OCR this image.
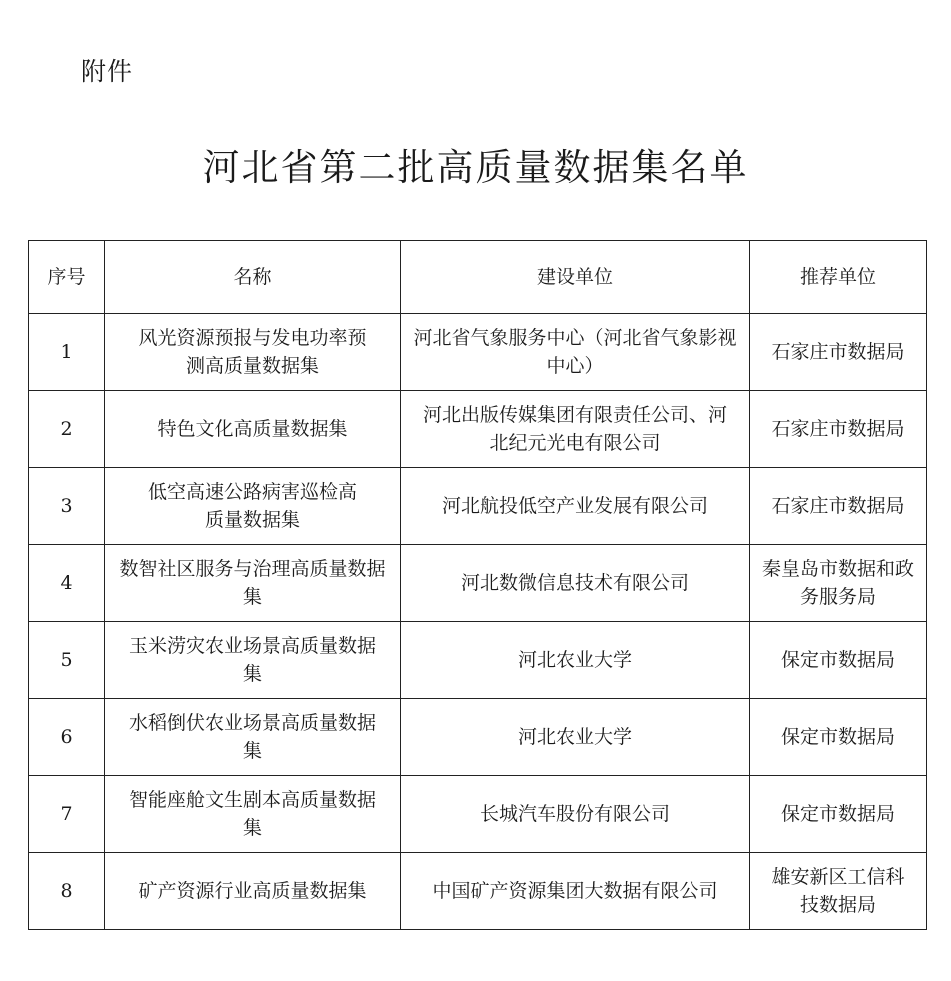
附件
河北省第二批高质量数据集名单
序号	名称	建设单位	推荐单位
1	风光资源预报与发电功率预测高质量数据集	河北省气象服务中心（河北省气象影视中心）	石家庄市数据局
2	特色文化高质量数据集	河北出版传媒集团有限责任公司、河北纪元光电有限公司	石家庄市数据局
3	低空高速公路病害巡检高质量数据集	河北航投低空产业发展有限公司	石家庄市数据局
4	数智社区服务与治理高质量数据集	河北数微信息技术有限公司	秦皇岛市数据和政务服务局
5	玉米涝灾农业场景高质量数据集	河北农业大学	保定市数据局
6	水稻倒伏农业场景高质量数据集	河北农业大学	保定市数据局
7	智能座舱文生剧本高质量数据集	长城汽车股份有限公司	保定市数据局
8	矿产资源行业高质量数据集	中国矿产资源集团大数据有限公司	雄安新区工信科技数据局
